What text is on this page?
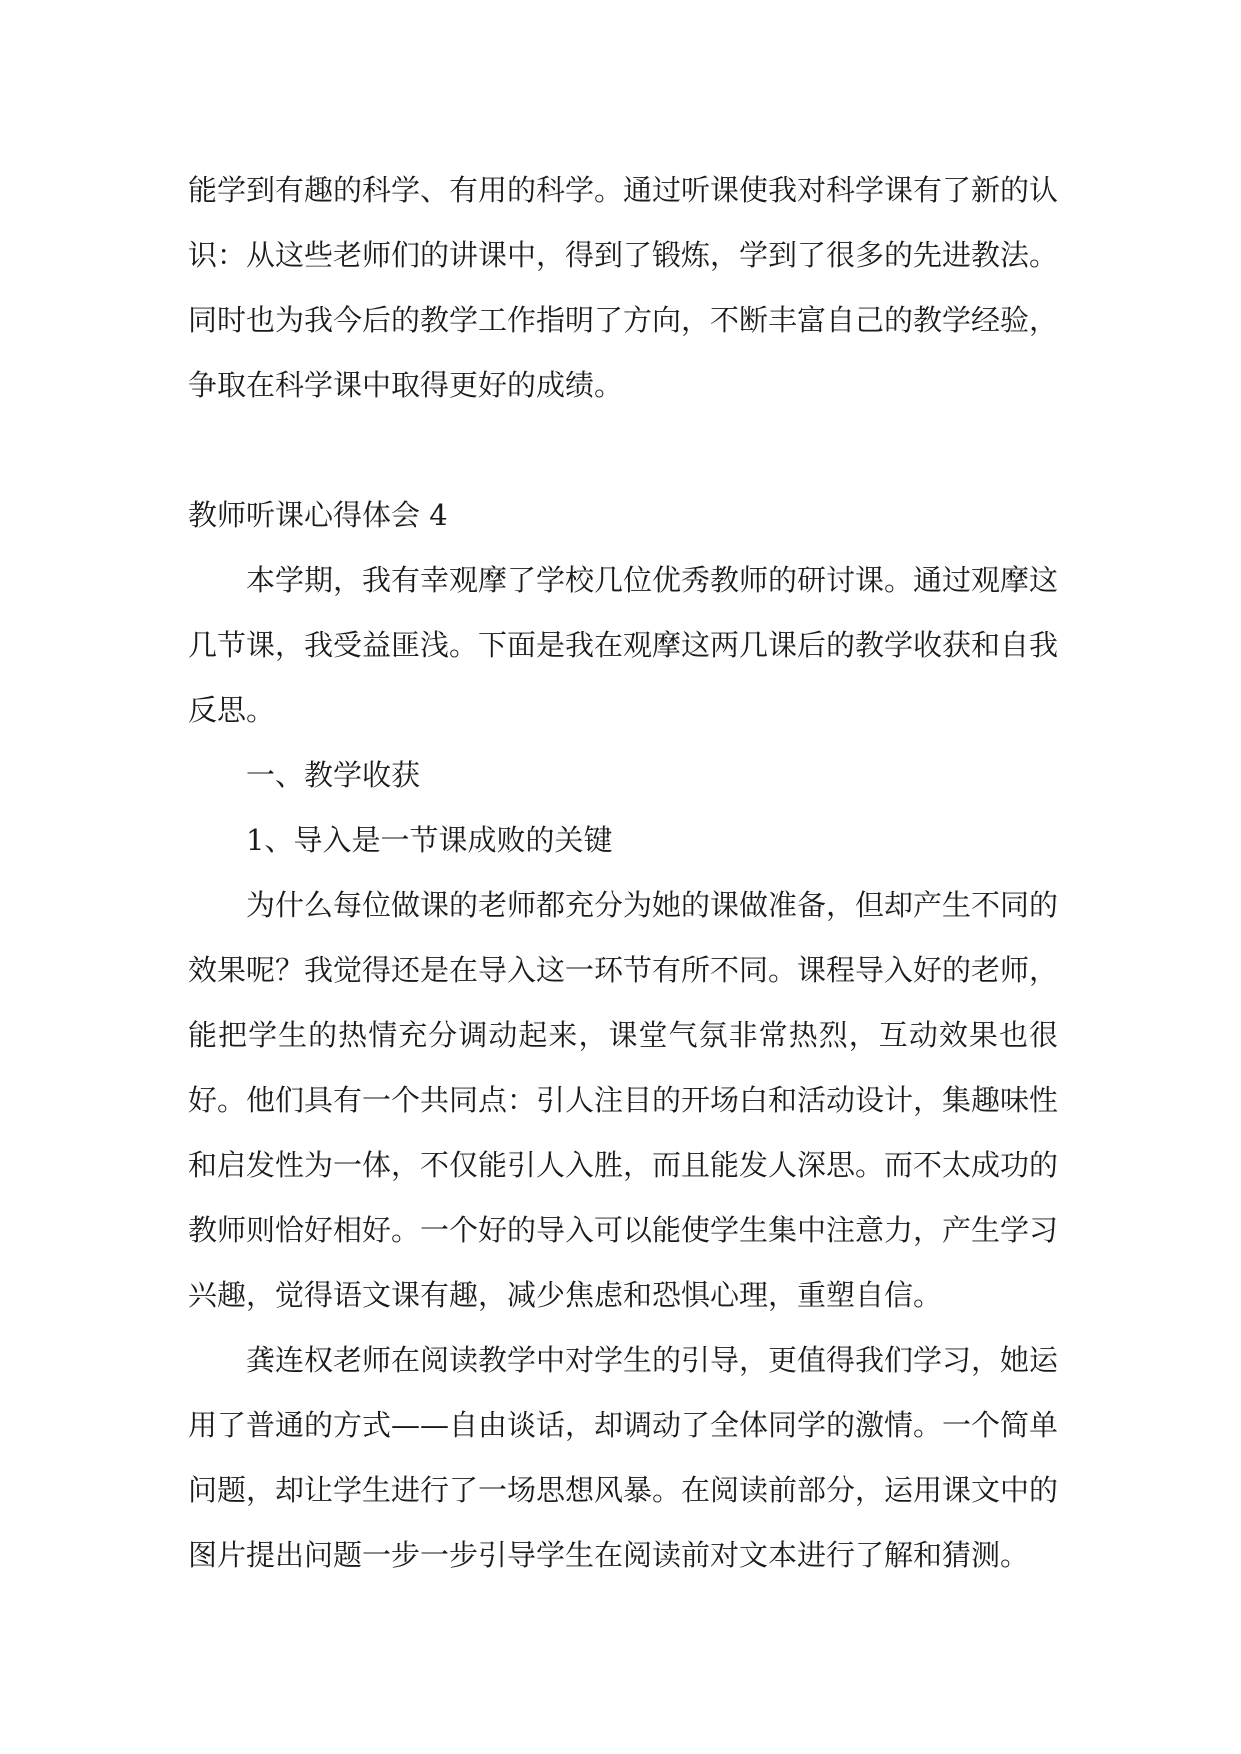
能学到有趣的科学、有用的科学。通过听课使我对科学课有了新的认识：从这些老师们的讲课中，得到了锻炼，学到了很多的先进教法。同时也为我今后的教学工作指明了方向，不断丰富自己的教学经验，争取在科学课中取得更好的成绩。

教师听课心得体会 4

本学期，我有幸观摩了学校几位优秀教师的研讨课。通过观摩这几节课，我受益匪浅。下面是我在观摩这两几课后的教学收获和自我反思。

一、教学收获

1、导入是一节课成败的关键

为什么每位做课的老师都充分为她的课做准备，但却产生不同的效果呢？我觉得还是在导入这一环节有所不同。课程导入好的老师，能把学生的热情充分调动起来，课堂气氛非常热烈，互动效果也很好。他们具有一个共同点：引人注目的开场白和活动设计，集趣味性和启发性为一体，不仅能引人入胜，而且能发人深思。而不太成功的教师则恰好相好。一个好的导入可以能使学生集中注意力，产生学习兴趣，觉得语文课有趣，减少焦虑和恐惧心理，重塑自信。

龚连权老师在阅读教学中对学生的引导，更值得我们学习，她运用了普通的方式——自由谈话，却调动了全体同学的激情。一个简单问题，却让学生进行了一场思想风暴。在阅读前部分，运用课文中的图片提出问题一步一步引导学生在阅读前对文本进行了解和猜测。
